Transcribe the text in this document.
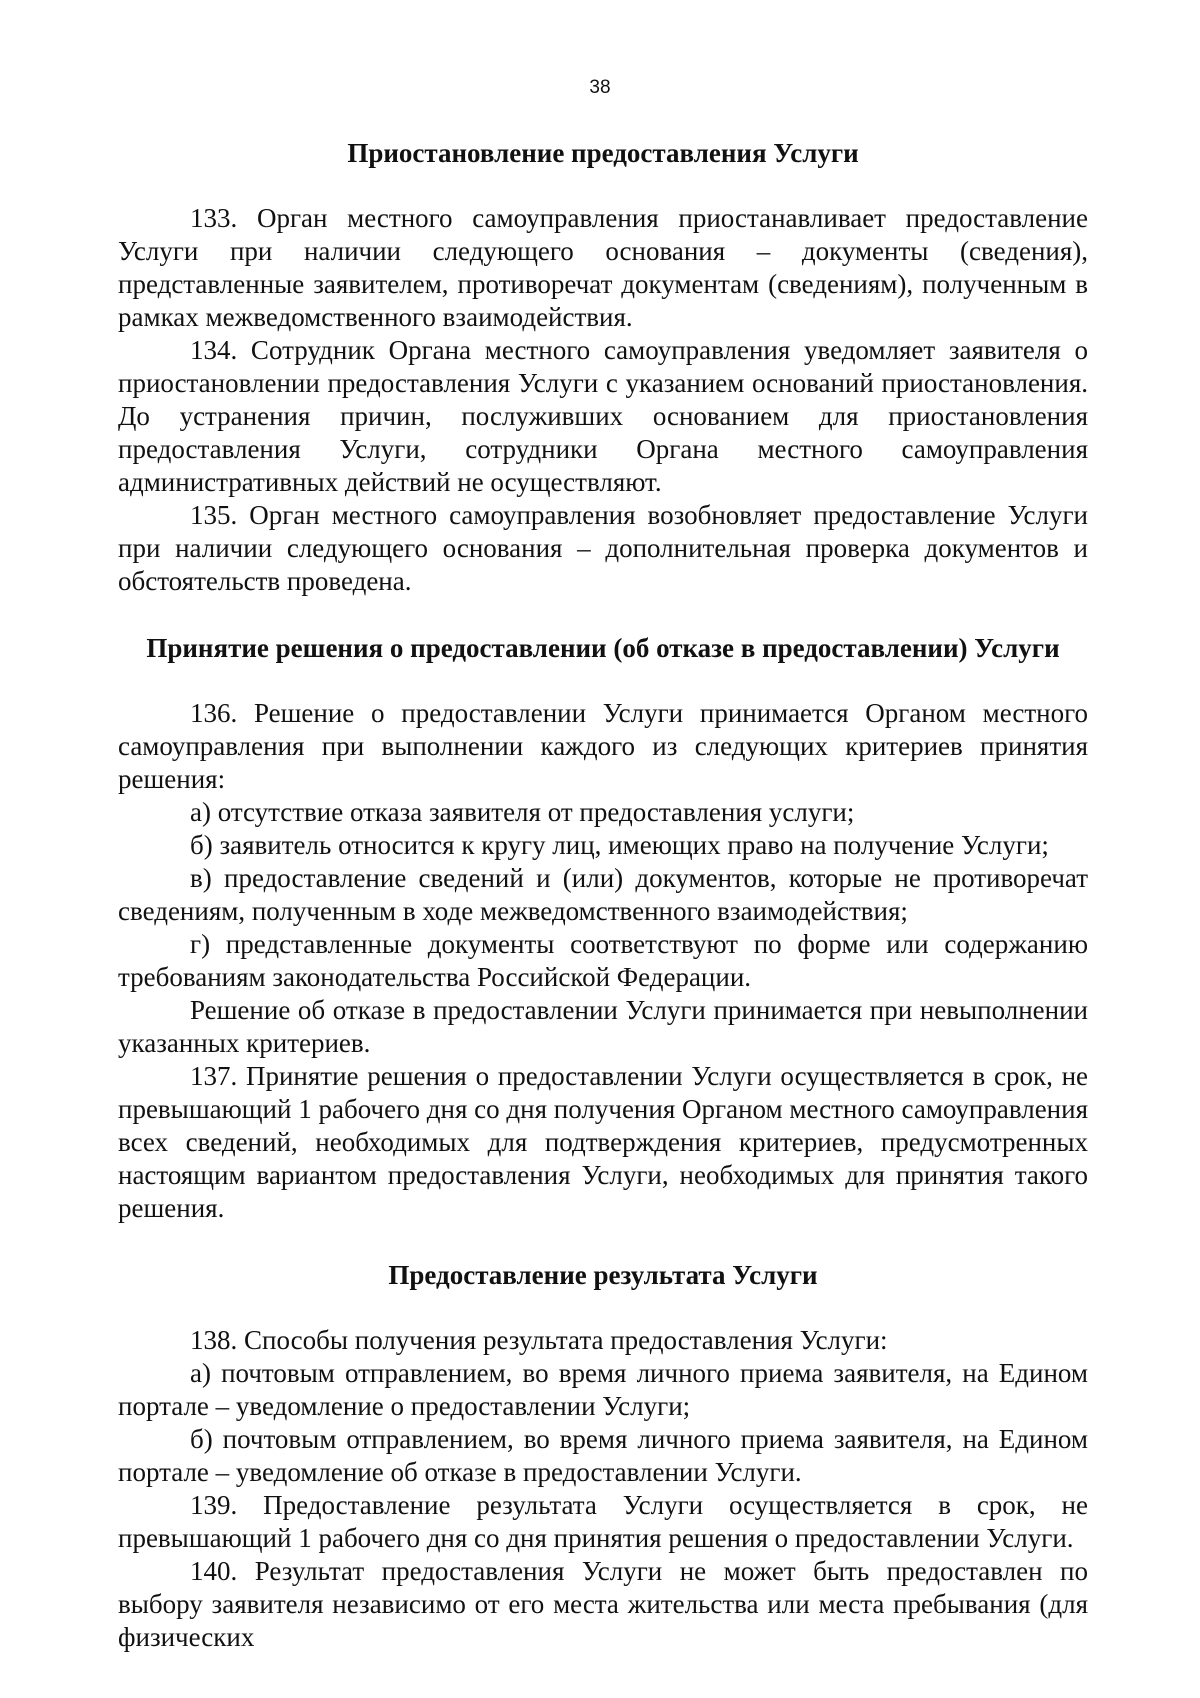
38
Приостановление предоставления Услуги

133. Орган местного самоуправления приостанавливает предоставление Услуги при наличии следующего основания – документы (сведения), представленные заявителем, противоречат документам (сведениям), полученным в рамках межведомственного взаимодействия.

134. Сотрудник Органа местного самоуправления уведомляет заявителя о приостановлении предоставления Услуги с указанием оснований приостановления. До устранения причин, послуживших основанием для приостановления предоставления Услуги, сотрудники Органа местного самоуправления административных действий не осуществляют.

135. Орган местного самоуправления возобновляет предоставление Услуги при наличии следующего основания – дополнительная проверка документов и обстоятельств проведена.

Принятие решения о предоставлении (об отказе в предоставлении) Услуги

136. Решение о предоставлении Услуги принимается Органом местного самоуправления при выполнении каждого из следующих критериев принятия решения:

а) отсутствие отказа заявителя от предоставления услуги;

б) заявитель относится к кругу лиц, имеющих право на получение Услуги;

в) предоставление сведений и (или) документов, которые не противоречат сведениям, полученным в ходе межведомственного взаимодействия;

г) представленные документы соответствуют по форме или содержанию требованиям законодательства Российской Федерации.

Решение об отказе в предоставлении Услуги принимается при невыполнении указанных критериев.

137. Принятие решения о предоставлении Услуги осуществляется в срок, не превышающий 1 рабочего дня со дня получения Органом местного самоуправления всех сведений, необходимых для подтверждения критериев, предусмотренных настоящим вариантом предоставления Услуги, необходимых для принятия такого решения.

Предоставление результата Услуги

138. Способы получения результата предоставления Услуги:

а) почтовым отправлением, во время личного приема заявителя, на Едином портале – уведомление о предоставлении Услуги;

б) почтовым отправлением, во время личного приема заявителя, на Едином портале – уведомление об отказе в предоставлении Услуги.

139. Предоставление результата Услуги осуществляется в срок, не превышающий 1 рабочего дня со дня принятия решения о предоставлении Услуги.

140. Результат предоставления Услуги не может быть предоставлен по выбору заявителя независимо от его места жительства или места пребывания (для физических
